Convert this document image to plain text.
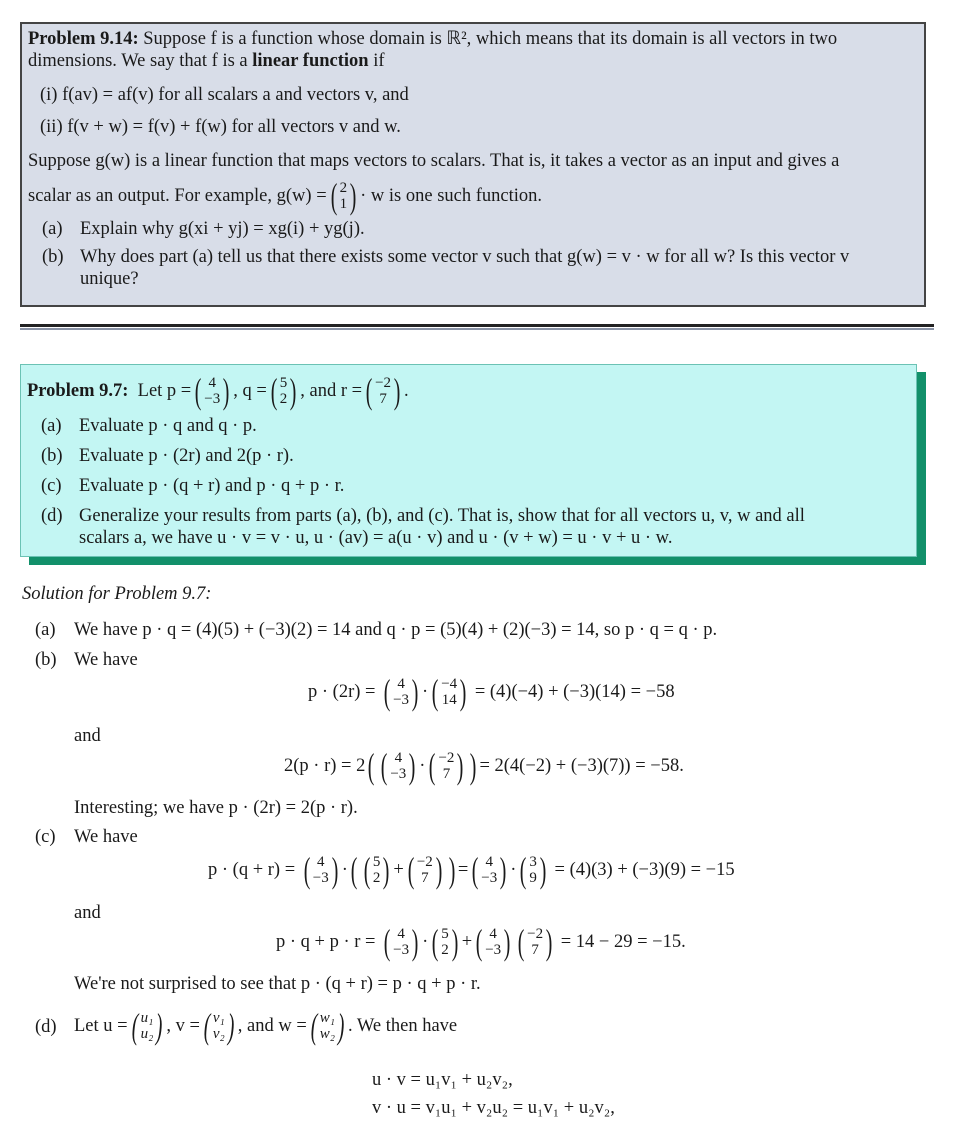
Problem 9.14: Suppose f is a function whose domain is ℝ², which means that its domain is all vectors in two
dimensions. We say that f is a linear function if
(i) f(av) = af(v) for all scalars a and vectors v, and
(ii) f(v + w) = f(v) + f(w) for all vectors v and w.
Suppose g(w) is a linear function that maps vectors to scalars. That is, it takes a vector as an input and gives a
scalar as an output. For example, g(w) = ( 2
1 ) · w is one such function.
(a) Explain why g(xi + yj) = xg(i) + yg(j).
(b) Why does part (a) tell us that there exists some vector v such that g(w) = v · w for all w? Is this vector v
unique?
Problem 9.7:
Let p = ( 4
−3 ) , q = ( 5
2 ) , and r = ( −2
7 ) .
(a) Evaluate p · q and q · p.
(b) Evaluate p · (2r) and 2(p · r).
(c) Evaluate p · (q + r) and p · q + p · r.
(d) Generalize your results from parts (a), (b), and (c). That is, show that for all vectors u, v, w and all
scalars a, we have u · v = v · u, u · (av) = a(u · v) and u · (v + w) = u · v + u · w.
Solution for Problem 9.7:
(a) We have p · q = (4)(5) + (−3)(2) = 14 and q · p = (5)(4) + (2)(−3) = 14, so p · q = q · p.
(b) We have
p · (2r) =
( 4
−3 ) · ( −4
14 )
= (4)(−4) + (−3)(14) = −58
and
2(p · r) = 2 ( ( 4
−3 ) · ( −2
7 ) ) = 2(4(−2) + (−3)(7)) = −58.
Interesting; we have p · (2r) = 2(p · r).
(c) We have
p · (q + r) =
( 4
−3 ) · ( ( 5
2 ) + ( −2
7 ) ) = ( 4
−3 ) · ( 3
9 )
= (4)(3) + (−3)(9) = −15
and
p · q + p · r =
( 4
−3 ) · ( 5
2 ) + ( 4
−3 ) ( −2
7 )
= 14 − 29 = −15.
We're not surprised to see that p · (q + r) = p · q + p · r.
(d) Let u = ( u₁
u₂ ) , v = ( v₁
v₂ ) , and w = ( w₁
w₂ ) . We then have
u · v = u₁v₁ + u₂v₂,
v · u = v₁u₁ + v₂u₂ = u₁v₁ + u₂v₂,
